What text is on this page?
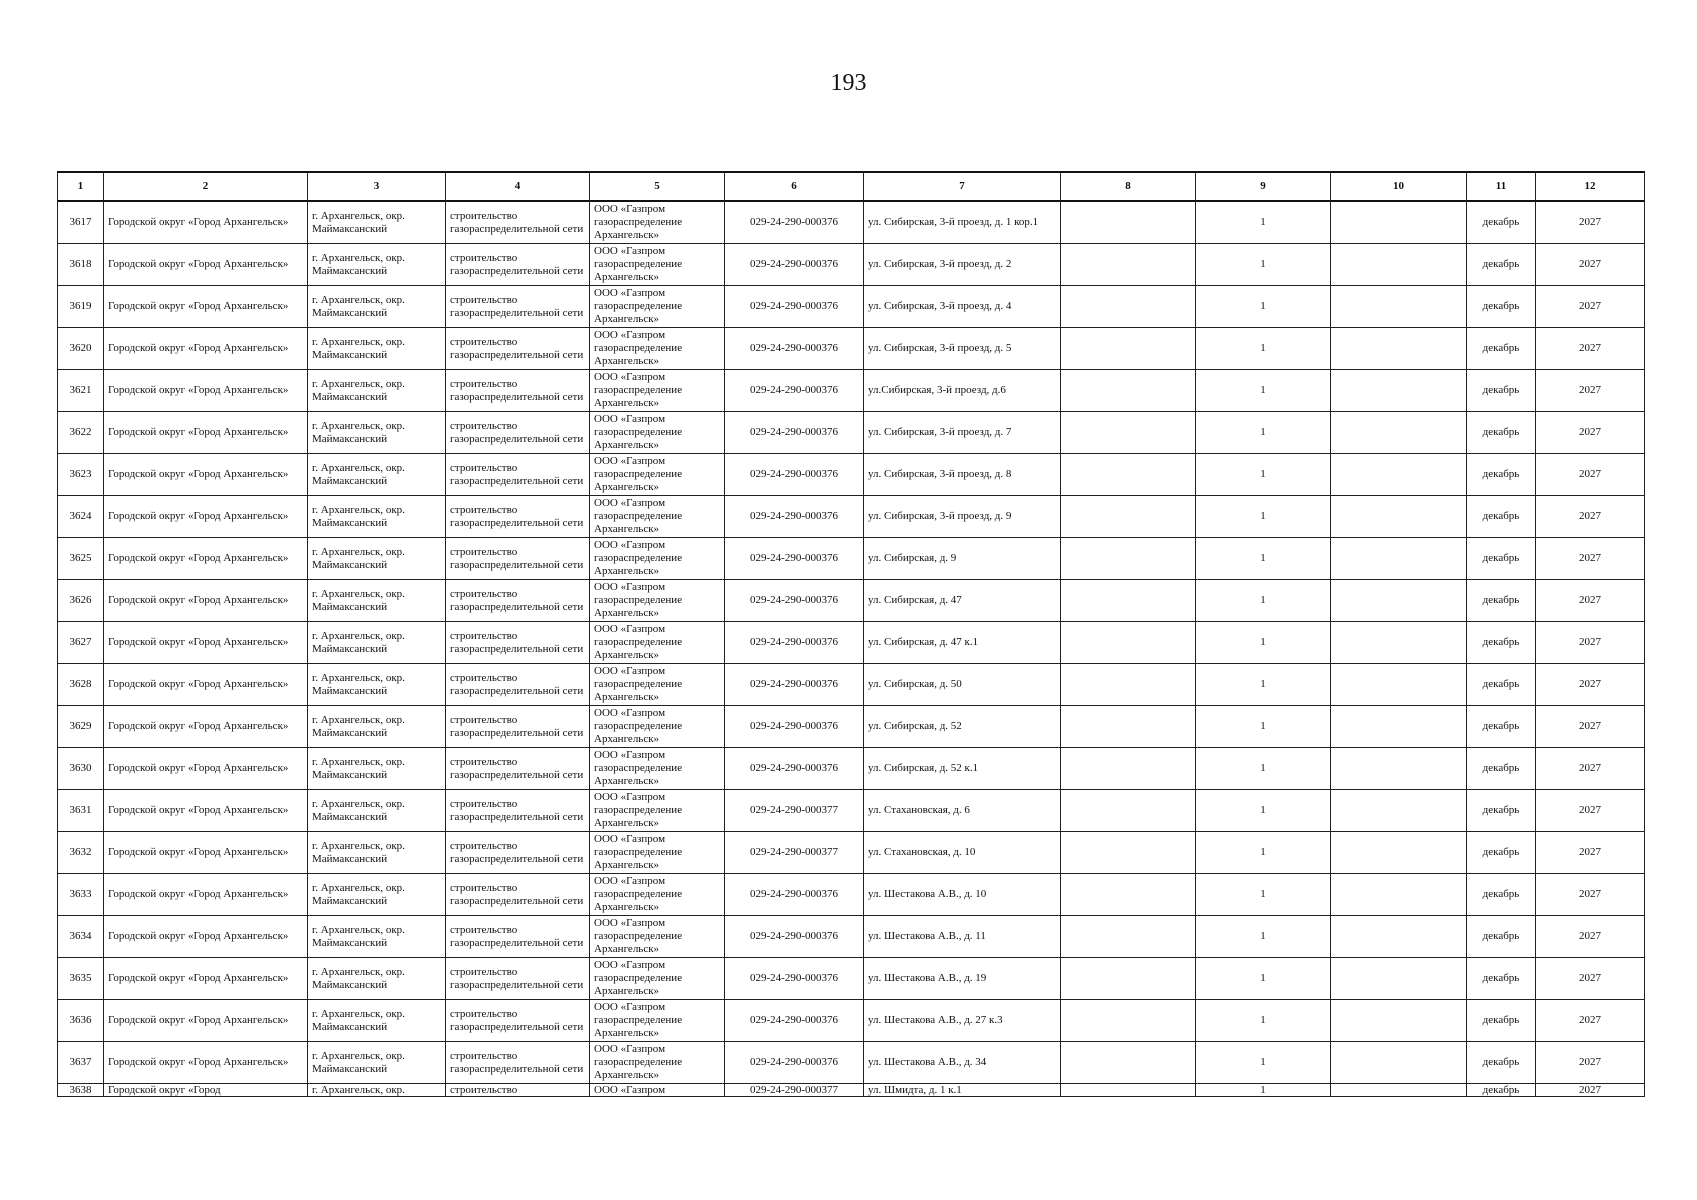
193
1	2	3	4	5	6	7	8	9	10	11	12
3617	Городской округ «Город Архангельск»	г. Архангельск, окр. Маймаксанский	строительство газораспределительной сети	ООО «Газпром газораспределение Архангельск»	029-24-290-000376	ул. Сибирская, 3-й проезд, д. 1 кор.1		1		декабрь	2027
3618	Городской округ «Город Архангельск»	г. Архангельск, окр. Маймаксанский	строительство газораспределительной сети	ООО «Газпром газораспределение Архангельск»	029-24-290-000376	ул. Сибирская, 3-й проезд, д. 2		1		декабрь	2027
3619	Городской округ «Город Архангельск»	г. Архангельск, окр. Маймаксанский	строительство газораспределительной сети	ООО «Газпром газораспределение Архангельск»	029-24-290-000376	ул. Сибирская, 3-й проезд, д. 4		1		декабрь	2027
3620	Городской округ «Город Архангельск»	г. Архангельск, окр. Маймаксанский	строительство газораспределительной сети	ООО «Газпром газораспределение Архангельск»	029-24-290-000376	ул. Сибирская, 3-й проезд, д. 5		1		декабрь	2027
3621	Городской округ «Город Архангельск»	г. Архангельск, окр. Маймаксанский	строительство газораспределительной сети	ООО «Газпром газораспределение Архангельск»	029-24-290-000376	ул.Сибирская, 3-й проезд, д.6		1		декабрь	2027
3622	Городской округ «Город Архангельск»	г. Архангельск, окр. Маймаксанский	строительство газораспределительной сети	ООО «Газпром газораспределение Архангельск»	029-24-290-000376	ул. Сибирская, 3-й проезд, д. 7		1		декабрь	2027
3623	Городской округ «Город Архангельск»	г. Архангельск, окр. Маймаксанский	строительство газораспределительной сети	ООО «Газпром газораспределение Архангельск»	029-24-290-000376	ул. Сибирская, 3-й проезд, д. 8		1		декабрь	2027
3624	Городской округ «Город Архангельск»	г. Архангельск, окр. Маймаксанский	строительство газораспределительной сети	ООО «Газпром газораспределение Архангельск»	029-24-290-000376	ул. Сибирская, 3-й проезд, д. 9		1		декабрь	2027
3625	Городской округ «Город Архангельск»	г. Архангельск, окр. Маймаксанский	строительство газораспределительной сети	ООО «Газпром газораспределение Архангельск»	029-24-290-000376	ул. Сибирская, д. 9		1		декабрь	2027
3626	Городской округ «Город Архангельск»	г. Архангельск, окр. Маймаксанский	строительство газораспределительной сети	ООО «Газпром газораспределение Архангельск»	029-24-290-000376	ул. Сибирская, д. 47		1		декабрь	2027
3627	Городской округ «Город Архангельск»	г. Архангельск, окр. Маймаксанский	строительство газораспределительной сети	ООО «Газпром газораспределение Архангельск»	029-24-290-000376	ул. Сибирская, д. 47 к.1		1		декабрь	2027
3628	Городской округ «Город Архангельск»	г. Архангельск, окр. Маймаксанский	строительство газораспределительной сети	ООО «Газпром газораспределение Архангельск»	029-24-290-000376	ул. Сибирская, д. 50		1		декабрь	2027
3629	Городской округ «Город Архангельск»	г. Архангельск, окр. Маймаксанский	строительство газораспределительной сети	ООО «Газпром газораспределение Архангельск»	029-24-290-000376	ул. Сибирская, д. 52		1		декабрь	2027
3630	Городской округ «Город Архангельск»	г. Архангельск, окр. Маймаксанский	строительство газораспределительной сети	ООО «Газпром газораспределение Архангельск»	029-24-290-000376	ул. Сибирская, д. 52 к.1		1		декабрь	2027
3631	Городской округ «Город Архангельск»	г. Архангельск, окр. Маймаксанский	строительство газораспределительной сети	ООО «Газпром газораспределение Архангельск»	029-24-290-000377	ул. Стахановская, д. 6		1		декабрь	2027
3632	Городской округ «Город Архангельск»	г. Архангельск, окр. Маймаксанский	строительство газораспределительной сети	ООО «Газпром газораспределение Архангельск»	029-24-290-000377	ул. Стахановская, д. 10		1		декабрь	2027
3633	Городской округ «Город Архангельск»	г. Архангельск, окр. Маймаксанский	строительство газораспределительной сети	ООО «Газпром газораспределение Архангельск»	029-24-290-000376	ул. Шестакова А.В., д. 10		1		декабрь	2027
3634	Городской округ «Город Архангельск»	г. Архангельск, окр. Маймаксанский	строительство газораспределительной сети	ООО «Газпром газораспределение Архангельск»	029-24-290-000376	ул. Шестакова А.В., д. 11		1		декабрь	2027
3635	Городской округ «Город Архангельск»	г. Архангельск, окр. Маймаксанский	строительство газораспределительной сети	ООО «Газпром газораспределение Архангельск»	029-24-290-000376	ул. Шестакова А.В., д. 19		1		декабрь	2027
3636	Городской округ «Город Архангельск»	г. Архангельск, окр. Маймаксанский	строительство газораспределительной сети	ООО «Газпром газораспределение Архангельск»	029-24-290-000376	ул. Шестакова А.В., д. 27 к.3		1		декабрь	2027
3637	Городской округ «Город Архангельск»	г. Архангельск, окр. Маймаксанский	строительство газораспределительной сети	ООО «Газпром газораспределение Архангельск»	029-24-290-000376	ул. Шестакова А.В., д. 34		1		декабрь	2027
3638	Городской округ «Город	г. Архангельск, окр.	строительство	ООО «Газпром	029-24-290-000377	ул. Шмидта, д. 1 к.1		1		декабрь	2027
